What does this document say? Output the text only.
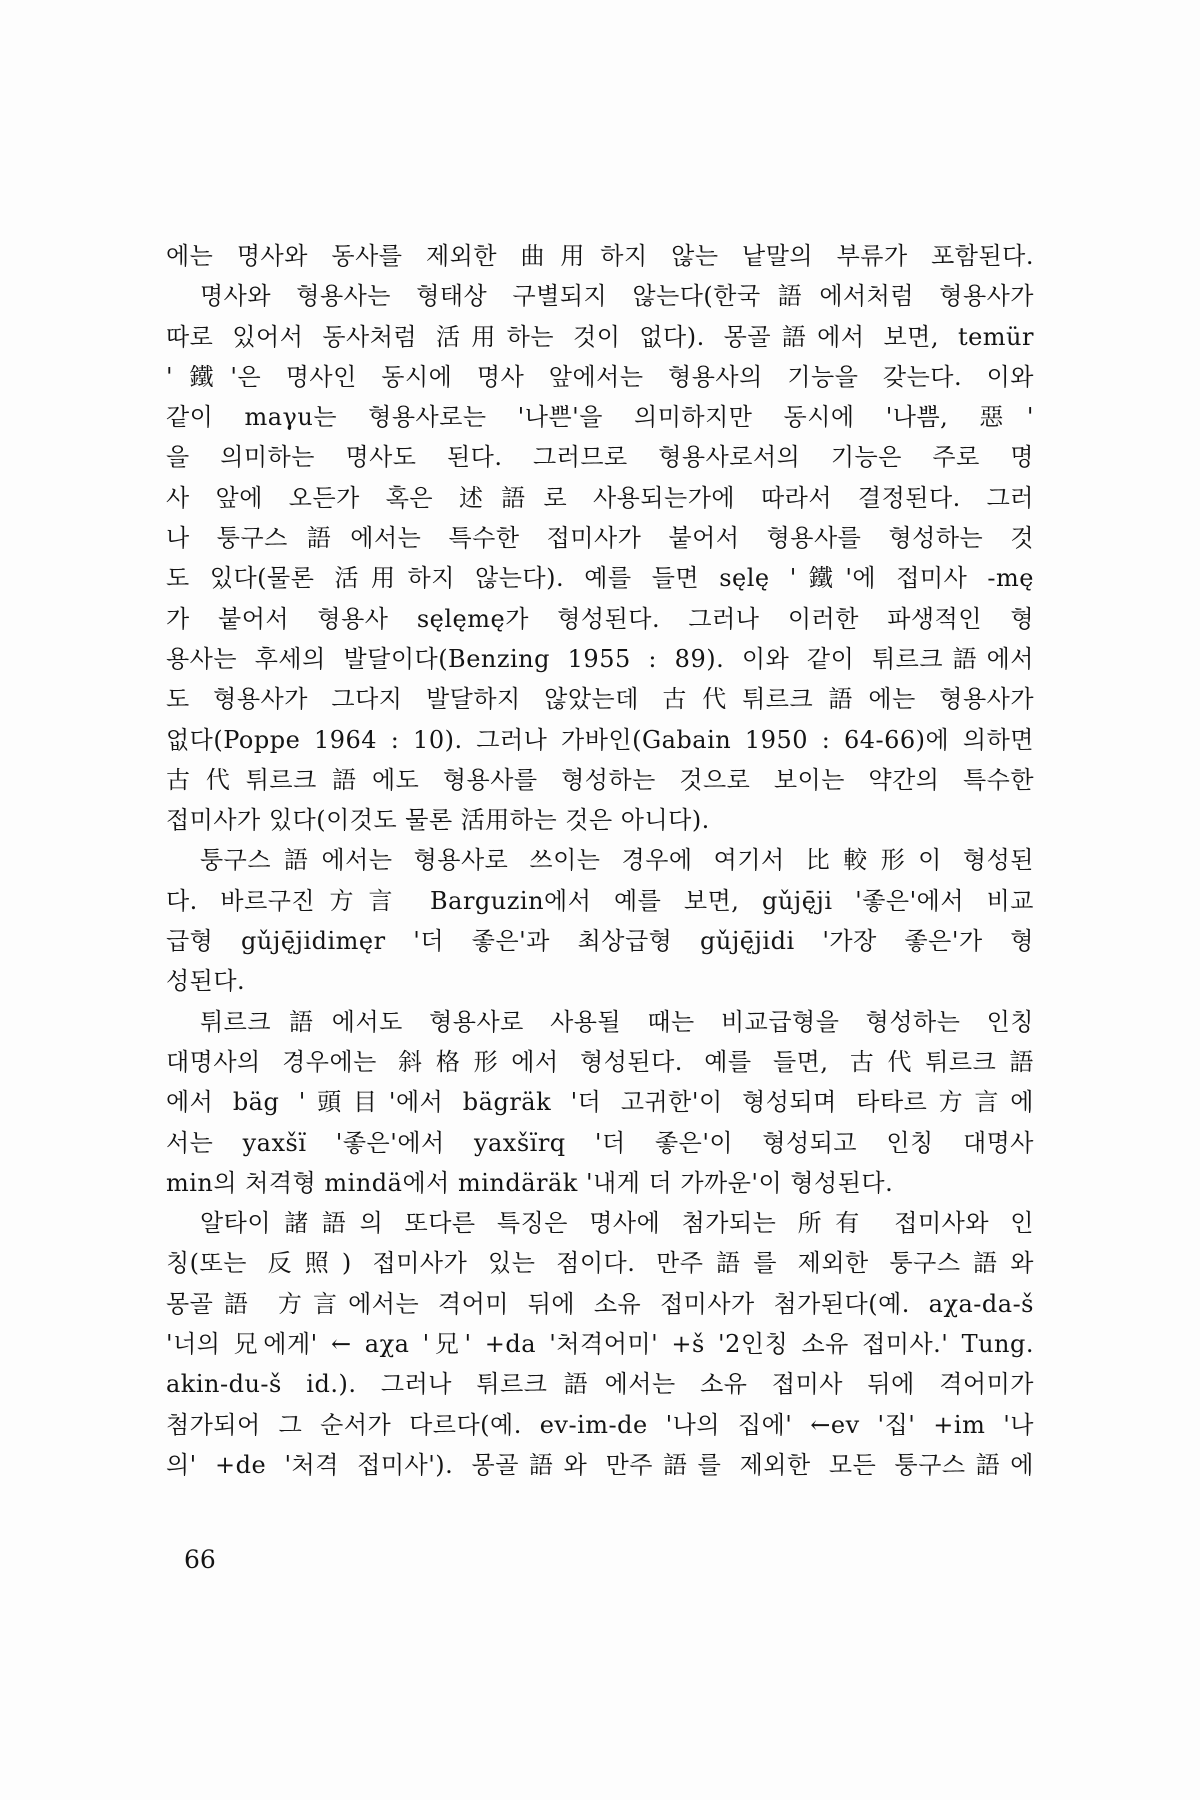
에는 명사와 동사를 제외한 曲用하지 않는 낱말의 부류가 포함된다.
명사와 형용사는 형태상 구별되지 않는다(한국語에서처럼 형용사가
따로 있어서 동사처럼 活用하는 것이 없다). 몽골語에서 보면, temür
'鐵'은 명사인 동시에 명사 앞에서는 형용사의 기능을 갖는다. 이와
같이 maγu는 형용사로는 '나쁜'을 의미하지만 동시에 '나쁨, 惡'
을 의미하는 명사도 된다. 그러므로 형용사로서의 기능은 주로 명
사 앞에 오든가 혹은 述語로 사용되는가에 따라서 결정된다. 그러
나 퉁구스語에서는 특수한 접미사가 붙어서 형용사를 형성하는 것
도 있다(물론 活用하지 않는다). 예를 들면 sęlę '鐵'에 접미사 -mę
가 붙어서 형용사 sęlęmę가 형성된다. 그러나 이러한 파생적인 형
용사는 후세의 발달이다(Benzing 1955 : 89). 이와 같이 튀르크語에서
도 형용사가 그다지 발달하지 않았는데 古代튀르크語에는 형용사가
없다(Poppe 1964 : 10). 그러나 가바인(Gabain 1950 : 64-66)에 의하면
古代튀르크語에도 형용사를 형성하는 것으로 보이는 약간의 특수한
접미사가 있다(이것도 물론 活用하는 것은 아니다).
퉁구스語에서는 형용사로 쓰이는 경우에 여기서 比較形이 형성된
다. 바르구진方言 Barguzin에서 예를 보면, gǔję̄ji '좋은'에서 비교
급형 gǔję̄jidimęr '더 좋은'과 최상급형 gǔję̄jidi '가장 좋은'가 형
성된다.
튀르크語에서도 형용사로 사용될 때는 비교급형을 형성하는 인칭
대명사의 경우에는 斜格形에서 형성된다. 예를 들면, 古代튀르크語
에서 bäg '頭目'에서 bägräk '더 고귀한'이 형성되며 타타르方言에
서는 yaxšï '좋은'에서 yaxšïrq '더 좋은'이 형성되고 인칭 대명사
min의 처격형 mindä에서 mindäräk '내게 더 가까운'이 형성된다.
알타이諸語의 또다른 특징은 명사에 첨가되는 所有 접미사와 인
칭(또는 反照) 접미사가 있는 점이다. 만주語를 제외한 퉁구스語와
몽골語 方言에서는 격어미 뒤에 소유 접미사가 첨가된다(예. aχa-da-š
'너의 兄에게' ← aχa '兄' +da '처격어미' +š '2인칭 소유 접미사.' Tung.
akin-du-š id.). 그러나 튀르크語에서는 소유 접미사 뒤에 격어미가
첨가되어 그 순서가 다르다(예. ev-im-de '나의 집에' ←ev '집' +im '나
의' +de '처격 접미사'). 몽골語와 만주語를 제외한 모든 퉁구스語에
66
